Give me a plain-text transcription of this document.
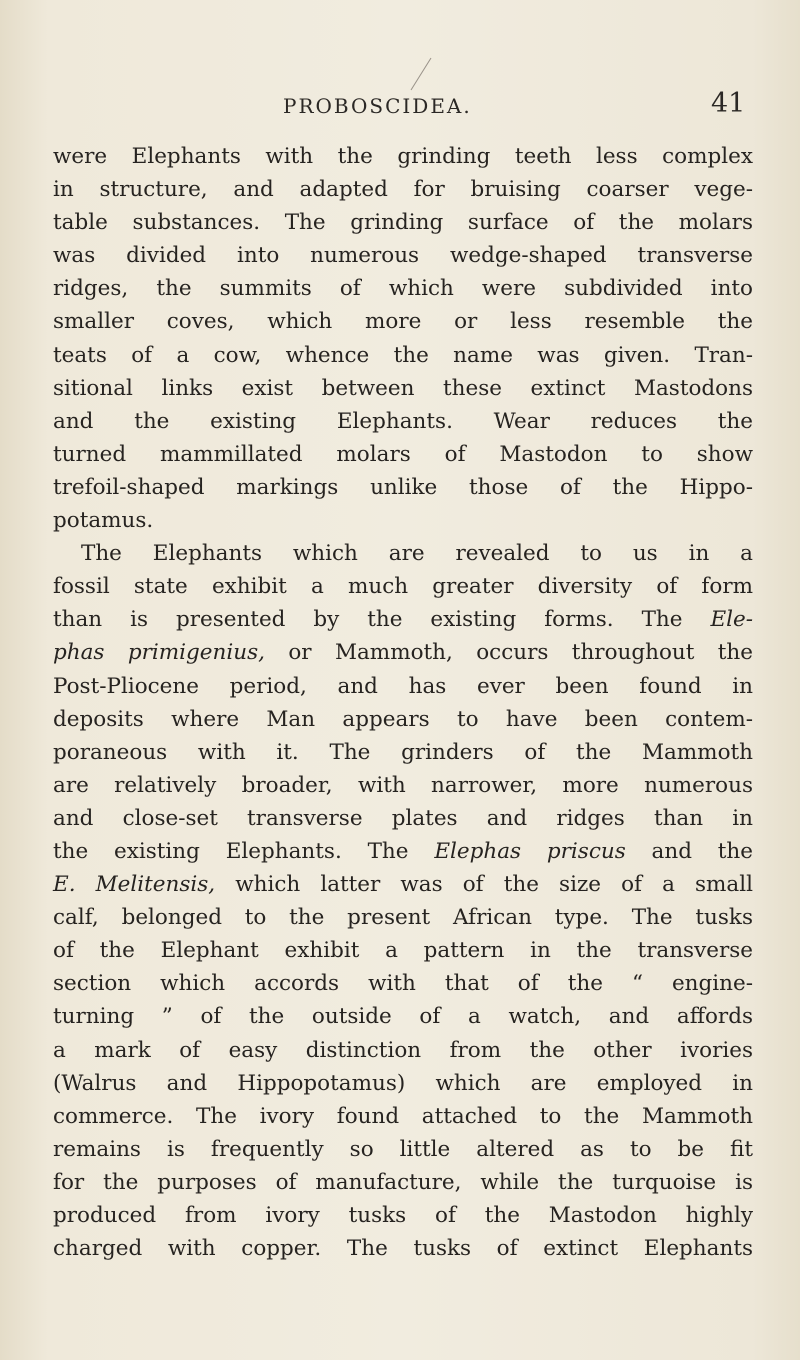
PROBOSCIDEA.	41
were Elephants with the grinding teeth less complex
in structure, and adapted for bruising coarser vege-
table substances. The grinding surface of the molars
was divided into numerous wedge-shaped transverse
ridges, the summits of which were subdivided into
smaller coves, which more or less resemble the
teats of a cow, whence the name was given. Tran-
sitional links exist between these extinct Mastodons
and the existing Elephants. Wear reduces the
turned mammillated molars of Mastodon to show
trefoil-shaped markings unlike those of the Hippo-
potamus.
The Elephants which are revealed to us in a
fossil state exhibit a much greater diversity of form
than is presented by the existing forms. The Ele-
phas primigenius, or Mammoth, occurs throughout the
Post-Pliocene period, and has ever been found in
deposits where Man appears to have been contem-
poraneous with it. The grinders of the Mammoth
are relatively broader, with narrower, more numerous
and close-set transverse plates and ridges than in
the existing Elephants. The Elephas priscus and the
E. Melitensis, which latter was of the size of a small
calf, belonged to the present African type. The tusks
of the Elephant exhibit a pattern in the transverse
section which accords with that of the “ engine-
turning ” of the outside of a watch, and affords
a mark of easy distinction from the other ivories
(Walrus and Hippopotamus) which are employed in
commerce. The ivory found attached to the Mammoth
remains is frequently so little altered as to be fit
for the purposes of manufacture, while the turquoise is
produced from ivory tusks of the Mastodon highly
charged with copper. The tusks of extinct Elephants
